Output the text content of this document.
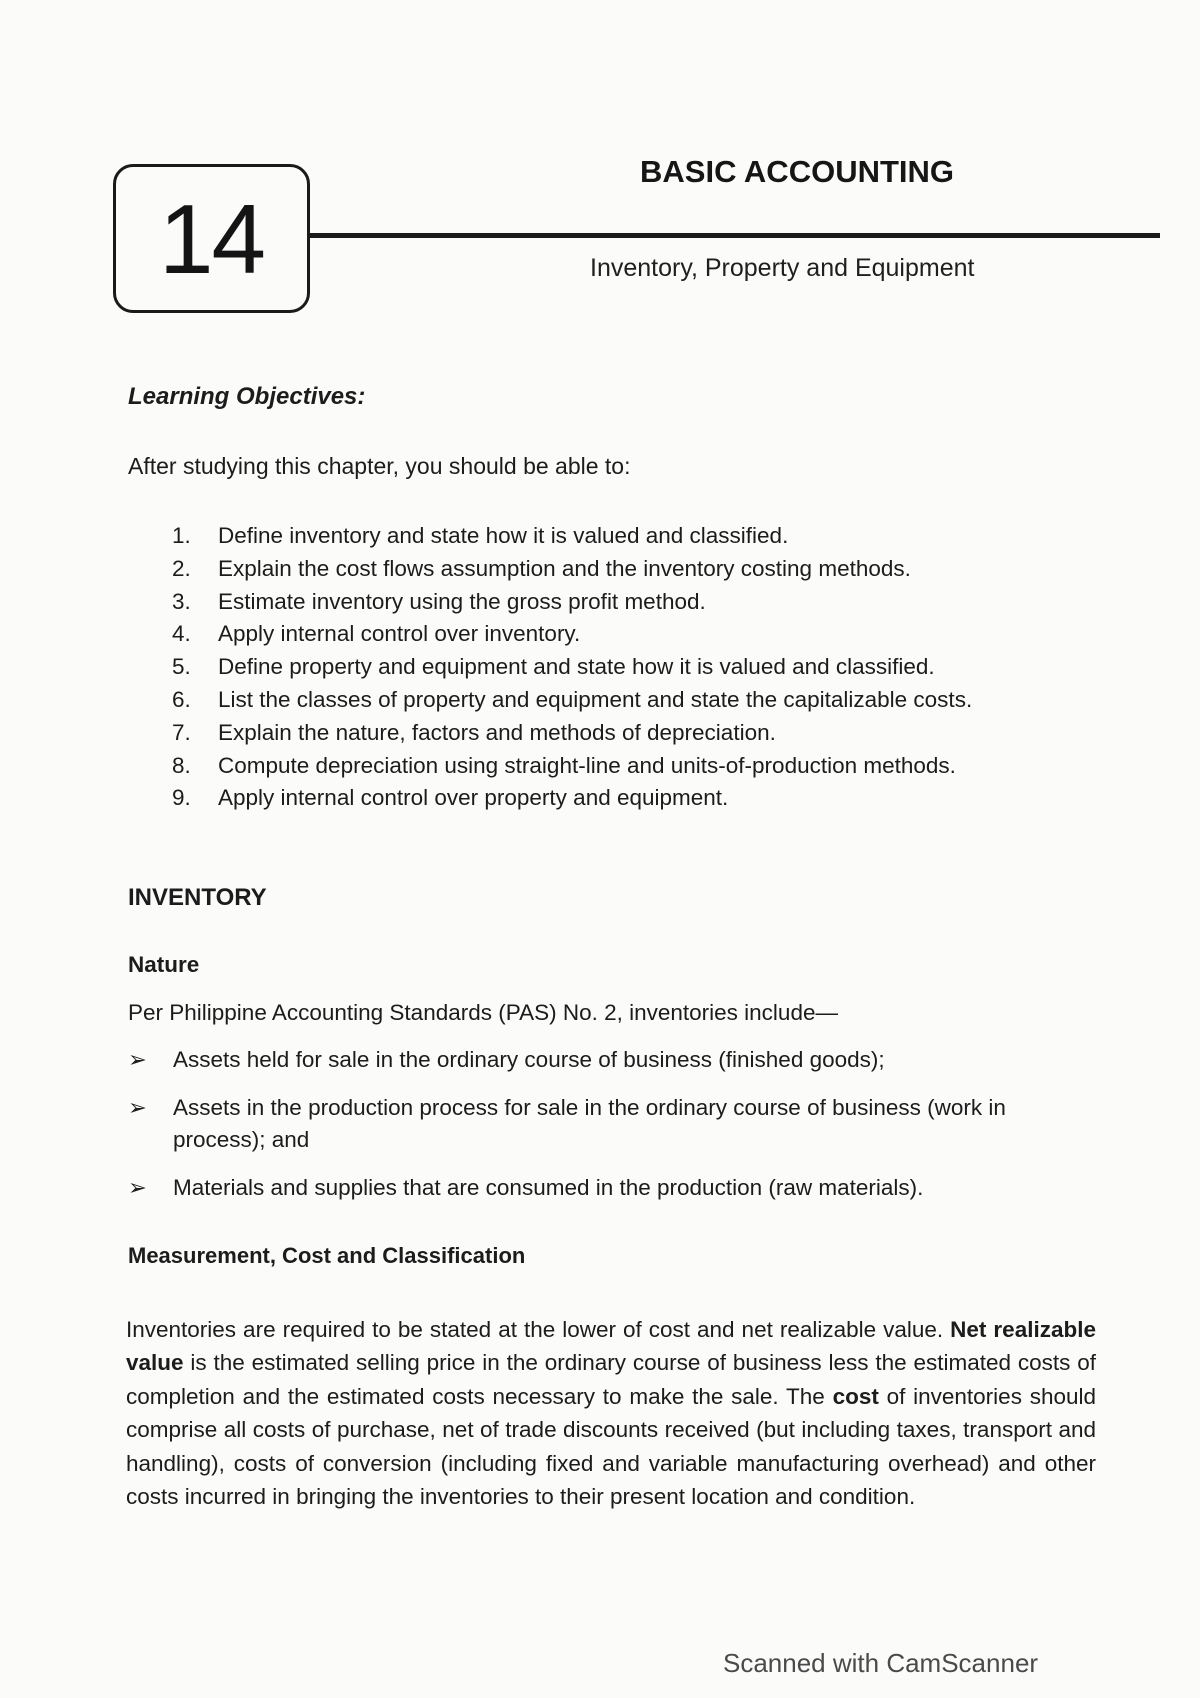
14
BASIC ACCOUNTING
Inventory, Property and Equipment
Learning Objectives:
After studying this chapter, you should be able to:
1.	Define inventory and state how it is valued and classified.
2.	Explain the cost flows assumption and the inventory costing methods.
3.	Estimate inventory using the gross profit method.
4.	Apply internal control over inventory.
5.	Define property and equipment and state how it is valued and classified.
6.	List the classes of property and equipment and state the capitalizable costs.
7.	Explain the nature, factors and methods of depreciation.
8.	Compute depreciation using straight-line and units-of-production methods.
9.	Apply internal control over property and equipment.
INVENTORY
Nature
Per Philippine Accounting Standards (PAS) No. 2, inventories include—
➢	Assets held for sale in the ordinary course of business (finished goods);
➢	Assets in the production process for sale in the ordinary course of business (work in process); and
➢	Materials and supplies that are consumed in the production (raw materials).
Measurement, Cost and Classification

Inventories are required to be stated at the lower of cost and net realizable value. Net realizable value is the estimated selling price in the ordinary course of business less the estimated costs of completion and the estimated costs necessary to make the sale. The cost of inventories should comprise all costs of purchase, net of trade discounts received (but including taxes, transport and handling), costs of conversion (including fixed and variable manufacturing overhead) and other costs incurred in bringing the inventories to their present location and condition.

Scanned with CamScanner
